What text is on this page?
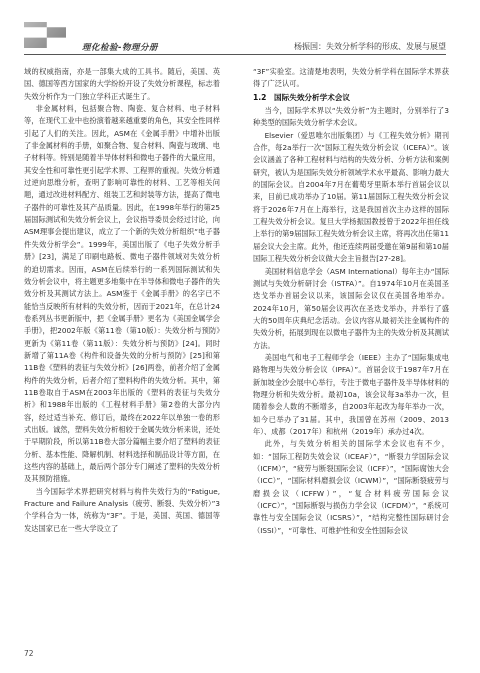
理化检验-物理分册	杨振国：失效分析学科的形成、发展与展望

域的权威指南，亦是一部集大成的工具书。随后，美国、英国、德国等西方国家的大学纷纷开设了失效分析课程，标志着失效分析作为一门独立学科正式诞生了。

非金属材料，包括聚合物、陶瓷、复合材料、电子材料等，在现代工业中也扮演着越来越重要的角色，其安全性同样引起了人们的关注。因此，ASM在《金属手册》中增补出版了非金属材料的手册，如聚合物、复合材料、陶瓷与玻璃、电子材料等。特别是随着半导体材料和微电子器件的大量应用，其安全性和可靠性更引起学术界、工程界的重视。失效分析通过逆向思维分析，查明了影响可靠性的材料、工艺等相关问题，通过改进材料配方、组装工艺和封装等方法，提高了微电子器件的可靠性及其产品质量。因此，在1998年举行的第25届国际测试和失效分析会议上，会议指导委员会经过讨论，向ASM理事会提出建议，成立了一个新的失效分析组织“电子器件失效分析学会”。1999年，美国出版了《电子失效分析手册》[23]，满足了印刷电路板、微电子器件领域对失效分析的迫切需求。因而，ASM在后续举行的一系列国际测试和失效分析会议中，将主题更多地集中在半导体和微电子器件的失效分析及其测试方法上。ASM鉴于《金属手册》的名字已不能恰当反映所有材料的失效分析，因而于2021年，在总计24卷系列丛书更新版中，把《金属手册》更名为《美国金属学会手册》，把2002年版《第11卷（第10版）：失效分析与预防》更新为《第11卷（第11版）：失效分析与预防》[24]。同时新增了第11A卷《构件和设备失效的分析与预防》[25]和第11B卷《塑料的表征与失效分析》[26]两卷，前者介绍了金属构件的失效分析，后者介绍了塑料构件的失效分析。其中，第11B卷取自于ASM在2003年出版的《塑料的表征与失效分析》和1988年出版的《工程材料手册》第2卷的大部分内容，经过适当补充、修订后，最终在2022年以单独一卷的形式出版。诚然，塑料失效分析相较于金属失效分析来说，还处于早期阶段，所以第11B卷大部分篇幅主要介绍了塑料的表征分析、基本性能、降解机制、材料选择和制品设计等方面，在这些内容的基础上，最后两个部分专门阐述了塑料的失效分析及其预防措施。

当今国际学术界把研究材料与构件失效行为的“Fatigue, Fracture and Failure Analysis（疲劳、断裂、失效分析）”3个学科合为一体，统称为“3F”。于是，美国、英国、德国等发达国家已在一些大学设立了

“3F”实验室。这清楚地表明，失效分析学科在国际学术界获得了广泛认可。

1.2　国际失效分析学术会议

当今，国际学术界以“失效分析”为主题时，分别举行了3种类型的国际失效分析学术会议。

Elsevier（爱思唯尔出版集团）与《工程失效分析》期刊合作，每2a举行一次“国际工程失效分析会议（ICEFA）”。该会议涵盖了各种工程材料与结构的失效分析、分析方法和案例研究，被认为是国际失效分析领域学术水平最高、影响力最大的国际会议。自2004年7月在葡萄牙里斯本举行首届会议以来，目前已成功举办了10届。第11届国际工程失效分析会议将于2026年7月在上海举行，这是我国首次主办这样的国际工程失效分析会议。复旦大学杨振国教授曾于2022年担任线上举行的第9届国际工程失效分析会议主席，将再次出任第11届会议大会主席。此外，他还连续两届受邀在第9届和第10届国际工程失效分析会议做大会主旨报告[27-28]。

美国材料信息学会（ASM International）每年主办“国际测试与失效分析研讨会（ISTFA）”。自1974年10月在美国圣迭戈举办首届会议以来，该国际会议仅在美国各地举办。2024年10月，第50届会议再次在圣迭戈举办，并举行了盛大的50周年庆典纪念活动。会议内容从最初关注金属构件的失效分析，拓展到现在以微电子器件为主的失效分析及其测试方法。

美国电气和电子工程师学会（IEEE）主办了“国际集成电路物理与失效分析会议（IPFA）”。首届会议于1987年7月在新加坡金沙会展中心举行，专注于微电子器件及半导体材料的物理分析和失效分析。最初10a，该会议每3a举办一次，但随着参会人数的不断增多，自2003年起改为每年举办一次，如今已举办了31届。其中，我国曾在苏州（2009、2013年）、成都（2017年）和杭州（2019年）承办过4次。

此外，与失效分析相关的国际学术会议也有不少，如：“国际工程防失效会议（ICEAF）”，“断裂力学国际会议（ICFM）”，“疲劳与断裂国际会议（ICFF）”，“国际腐蚀大会（ICC）”，“国际材料磨损会议（ICWM）”，“国际断裂疲劳与磨损会议（ICFFW）”，“复合材料疲劳国际会议（ICFC）”，“国际断裂与损伤力学会议（ICFDM）”，“系统可靠性与安全国际会议（ICSRS）”，“结构完整性国际研讨会（ISSI）”，“可靠性、可维护性和安全性国际会议

72
